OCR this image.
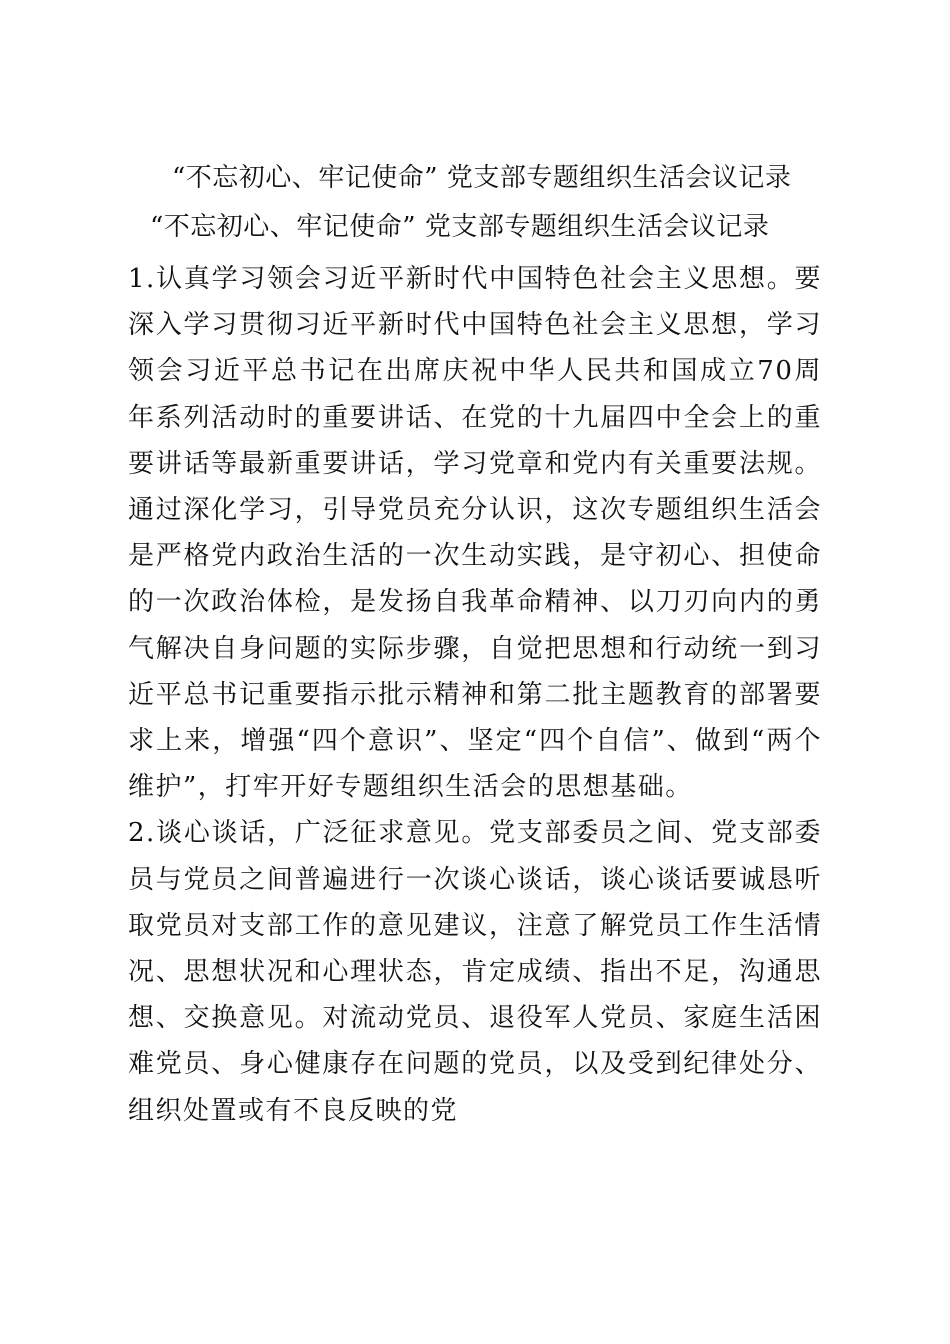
“不忘初心、牢记使命” 党支部专题组织生活会议记录
“不忘初心、牢记使命” 党支部专题组织生活会议记录

1.认真学习领会习近平新时代中国特色社会主义思想。要深入学习贯彻习近平新时代中国特色社会主义思想，学习领会习近平总书记在出席庆祝中华人民共和国成立70周年系列活动时的重要讲话、在党的十九届四中全会上的重要讲话等最新重要讲话，学习党章和党内有关重要法规。通过深化学习，引导党员充分认识，这次专题组织生活会是严格党内政治生活的一次生动实践，是守初心、担使命的一次政治体检，是发扬自我革命精神、以刀刃向内的勇气解决自身问题的实际步骤，自觉把思想和行动统一到习近平总书记重要指示批示精神和第二批主题教育的部署要求上来，增强“四个意识”、坚定“四个自信”、做到“两个维护”，打牢开好专题组织生活会的思想基础。

2.谈心谈话，广泛征求意见。党支部委员之间、党支部委员与党员之间普遍进行一次谈心谈话，谈心谈话要诚恳听取党员对支部工作的意见建议，注意了解党员工作生活情况、思想状况和心理状态，肯定成绩、指出不足，沟通思想、交换意见。对流动党员、退役军人党员、家庭生活困难党员、身心健康存在问题的党员，以及受到纪律处分、组织处置或有不良反映的党
